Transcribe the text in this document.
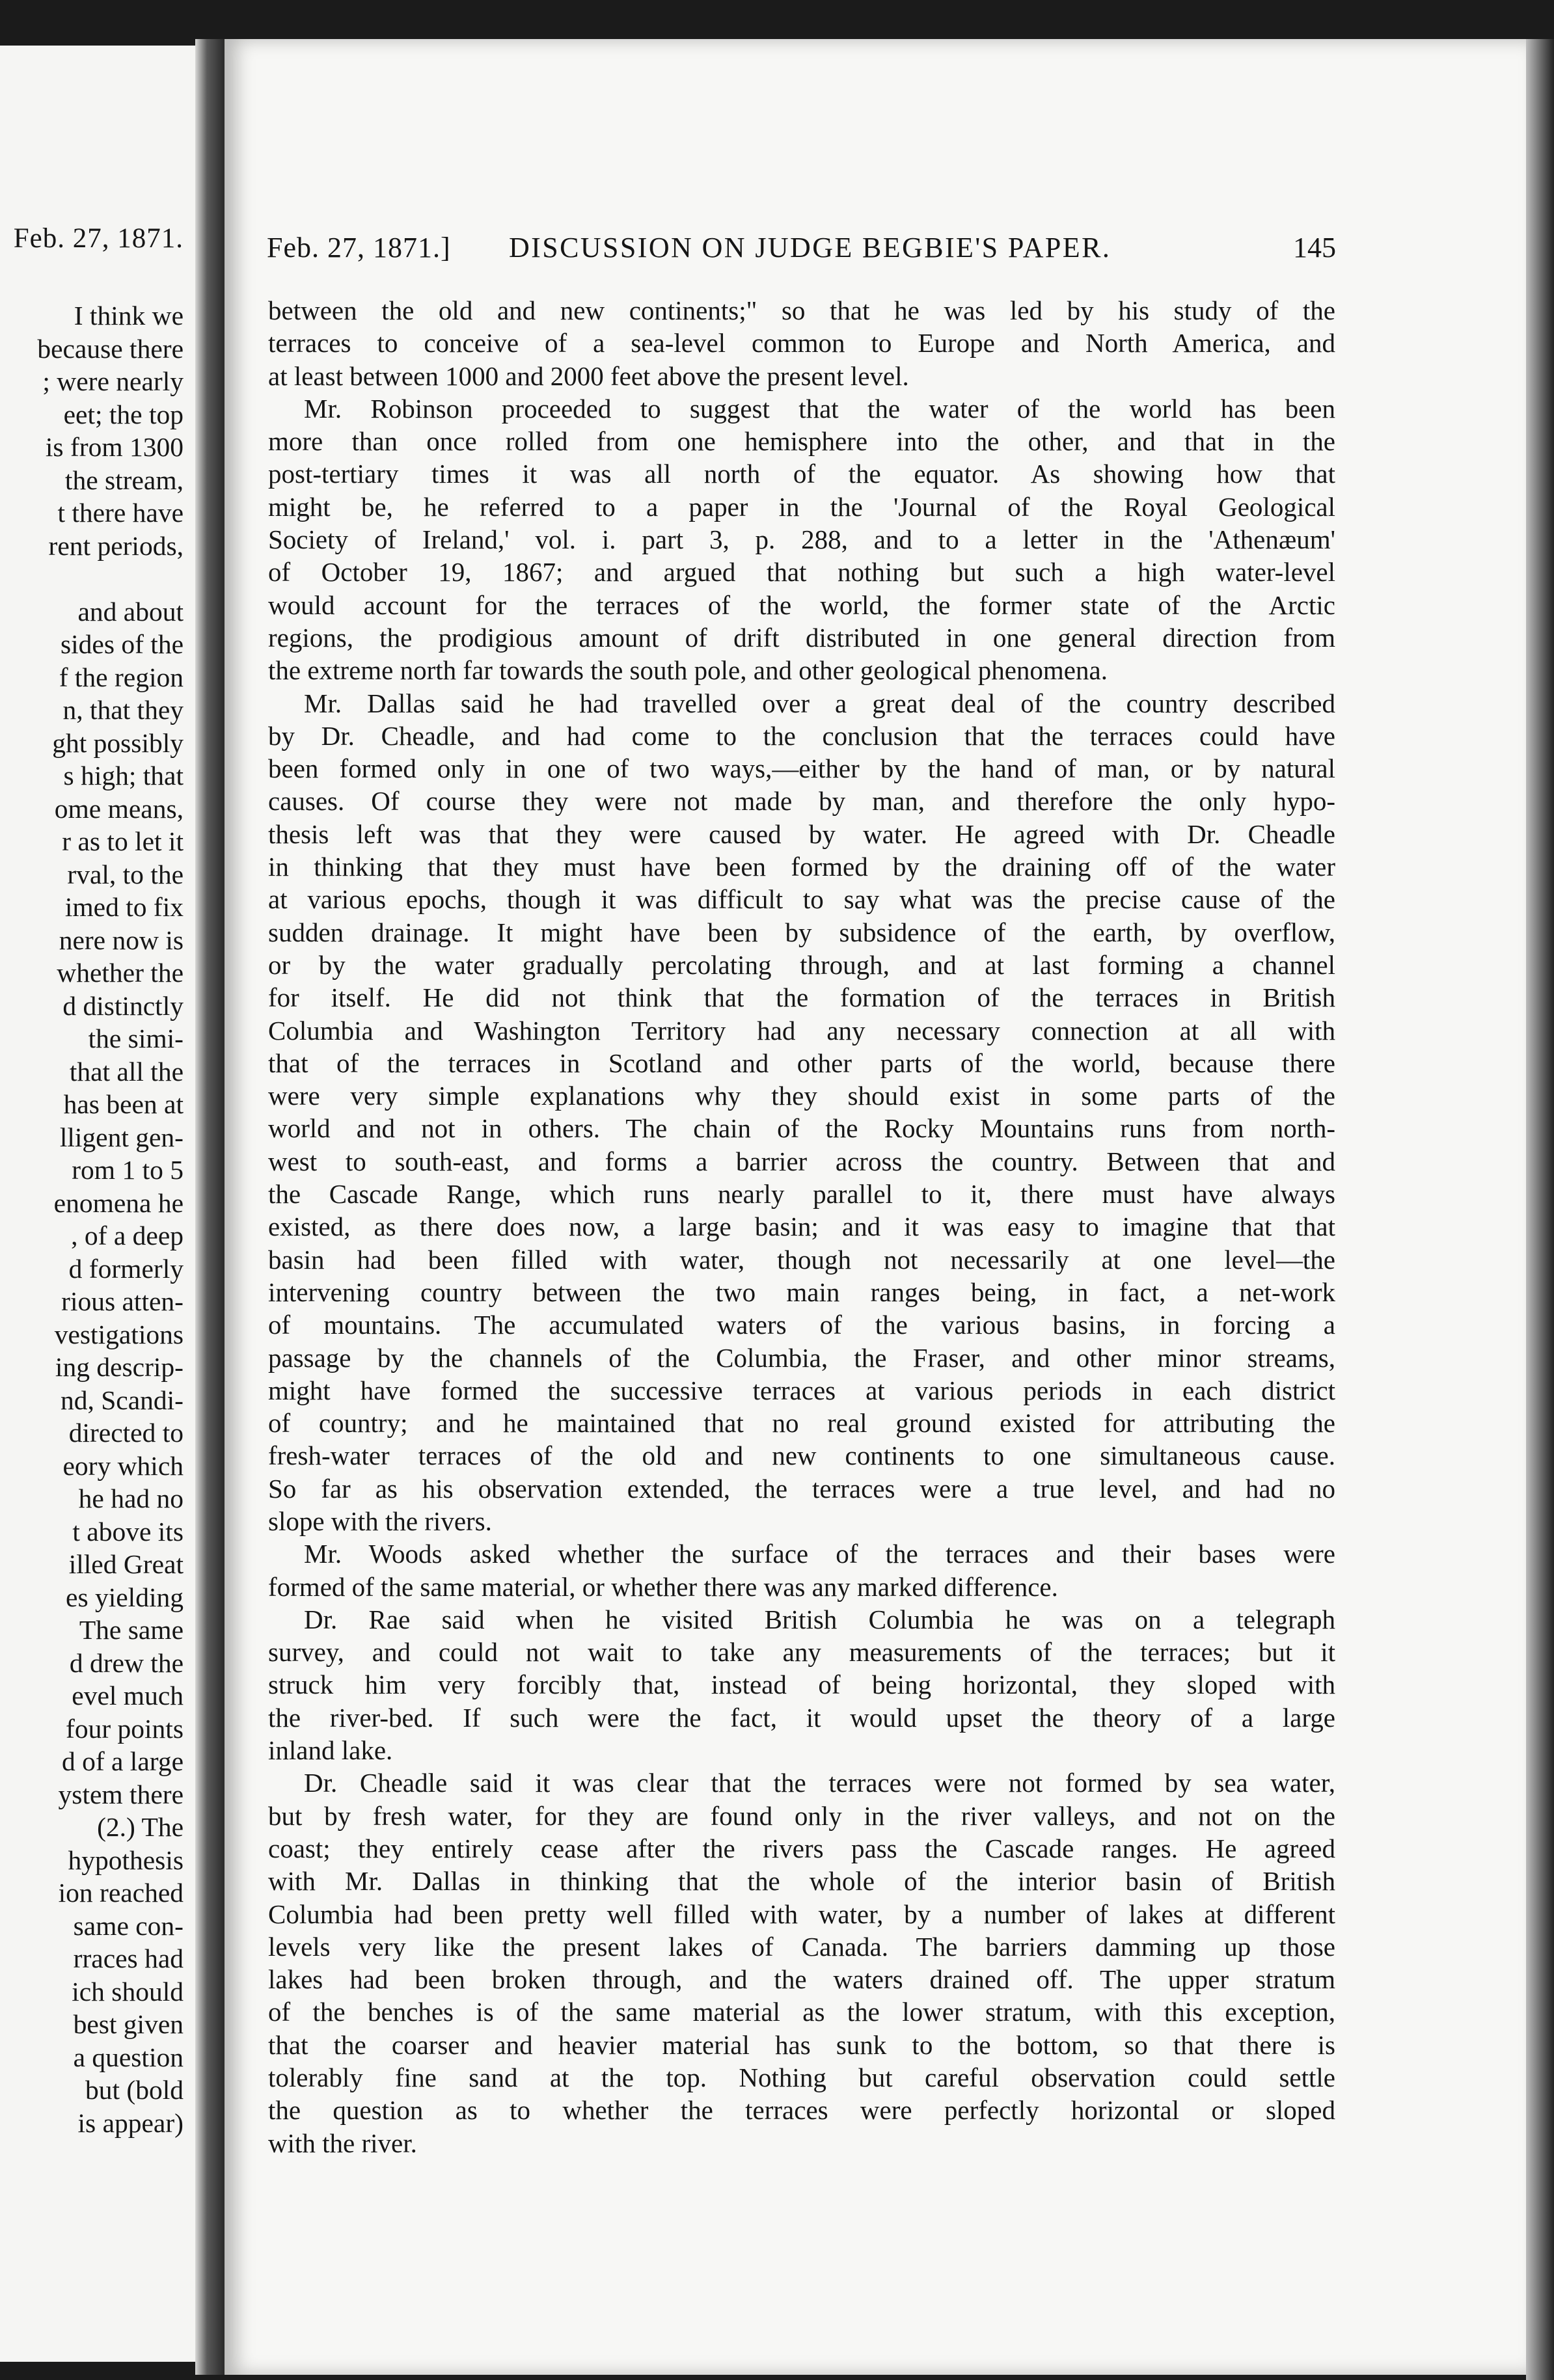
Feb. 27, 1871.
I think we
because there
; were nearly
eet; the top
is from 1300
the stream,
t there have
rent periods,

and about
sides of the
f the region
n, that they
ght possibly
s high; that
ome means,
r as to let it
rval, to the
imed to fix
nere now is
whether the
d distinctly
the simi-
that all the
has been at
lligent gen-
rom 1 to 5
enomena he
, of a deep
d formerly
rious atten-
vestigations
ing descrip-
nd, Scandi-
directed to
eory which
he had no
t above its
illed Great
es yielding
The same
d drew the
evel much
four points
d of a large
ystem there
(2.) The
hypothesis
ion reached
same con-
rraces had
ich should
best given
a question
but (bold
is appear)
Feb. 27, 1871.] DISCUSSION ON JUDGE BEGBIE'S PAPER.	145
between the old and new continents;" so that he was led by his study of the
terraces to conceive of a sea-level common to Europe and North America, and
at least between 1000 and 2000 feet above the present level.
Mr. Robinson proceeded to suggest that the water of the world has been
more than once rolled from one hemisphere into the other, and that in the
post-tertiary times it was all north of the equator. As showing how that
might be, he referred to a paper in the 'Journal of the Royal Geological
Society of Ireland,' vol. i. part 3, p. 288, and to a letter in the 'Athenæum'
of October 19, 1867; and argued that nothing but such a high water-level
would account for the terraces of the world, the former state of the Arctic
regions, the prodigious amount of drift distributed in one general direction from
the extreme north far towards the south pole, and other geological phenomena.
Mr. Dallas said he had travelled over a great deal of the country described
by Dr. Cheadle, and had come to the conclusion that the terraces could have
been formed only in one of two ways,—either by the hand of man, or by natural
causes. Of course they were not made by man, and therefore the only hypo-
thesis left was that they were caused by water. He agreed with Dr. Cheadle
in thinking that they must have been formed by the draining off of the water
at various epochs, though it was difficult to say what was the precise cause of the
sudden drainage. It might have been by subsidence of the earth, by overflow,
or by the water gradually percolating through, and at last forming a channel
for itself. He did not think that the formation of the terraces in British
Columbia and Washington Territory had any necessary connection at all with
that of the terraces in Scotland and other parts of the world, because there
were very simple explanations why they should exist in some parts of the
world and not in others. The chain of the Rocky Mountains runs from north-
west to south-east, and forms a barrier across the country. Between that and
the Cascade Range, which runs nearly parallel to it, there must have always
existed, as there does now, a large basin; and it was easy to imagine that that
basin had been filled with water, though not necessarily at one level—the
intervening country between the two main ranges being, in fact, a net-work
of mountains. The accumulated waters of the various basins, in forcing a
passage by the channels of the Columbia, the Fraser, and other minor streams,
might have formed the successive terraces at various periods in each district
of country; and he maintained that no real ground existed for attributing the
fresh-water terraces of the old and new continents to one simultaneous cause.
So far as his observation extended, the terraces were a true level, and had no
slope with the rivers.
Mr. Woods asked whether the surface of the terraces and their bases were
formed of the same material, or whether there was any marked difference.
Dr. Rae said when he visited British Columbia he was on a telegraph
survey, and could not wait to take any measurements of the terraces; but it
struck him very forcibly that, instead of being horizontal, they sloped with
the river-bed. If such were the fact, it would upset the theory of a large
inland lake.
Dr. Cheadle said it was clear that the terraces were not formed by sea water,
but by fresh water, for they are found only in the river valleys, and not on the
coast; they entirely cease after the rivers pass the Cascade ranges. He agreed
with Mr. Dallas in thinking that the whole of the interior basin of British
Columbia had been pretty well filled with water, by a number of lakes at different
levels very like the present lakes of Canada. The barriers damming up those
lakes had been broken through, and the waters drained off. The upper stratum
of the benches is of the same material as the lower stratum, with this exception,
that the coarser and heavier material has sunk to the bottom, so that there is
tolerably fine sand at the top. Nothing but careful observation could settle
the question as to whether the terraces were perfectly horizontal or sloped
with the river.
